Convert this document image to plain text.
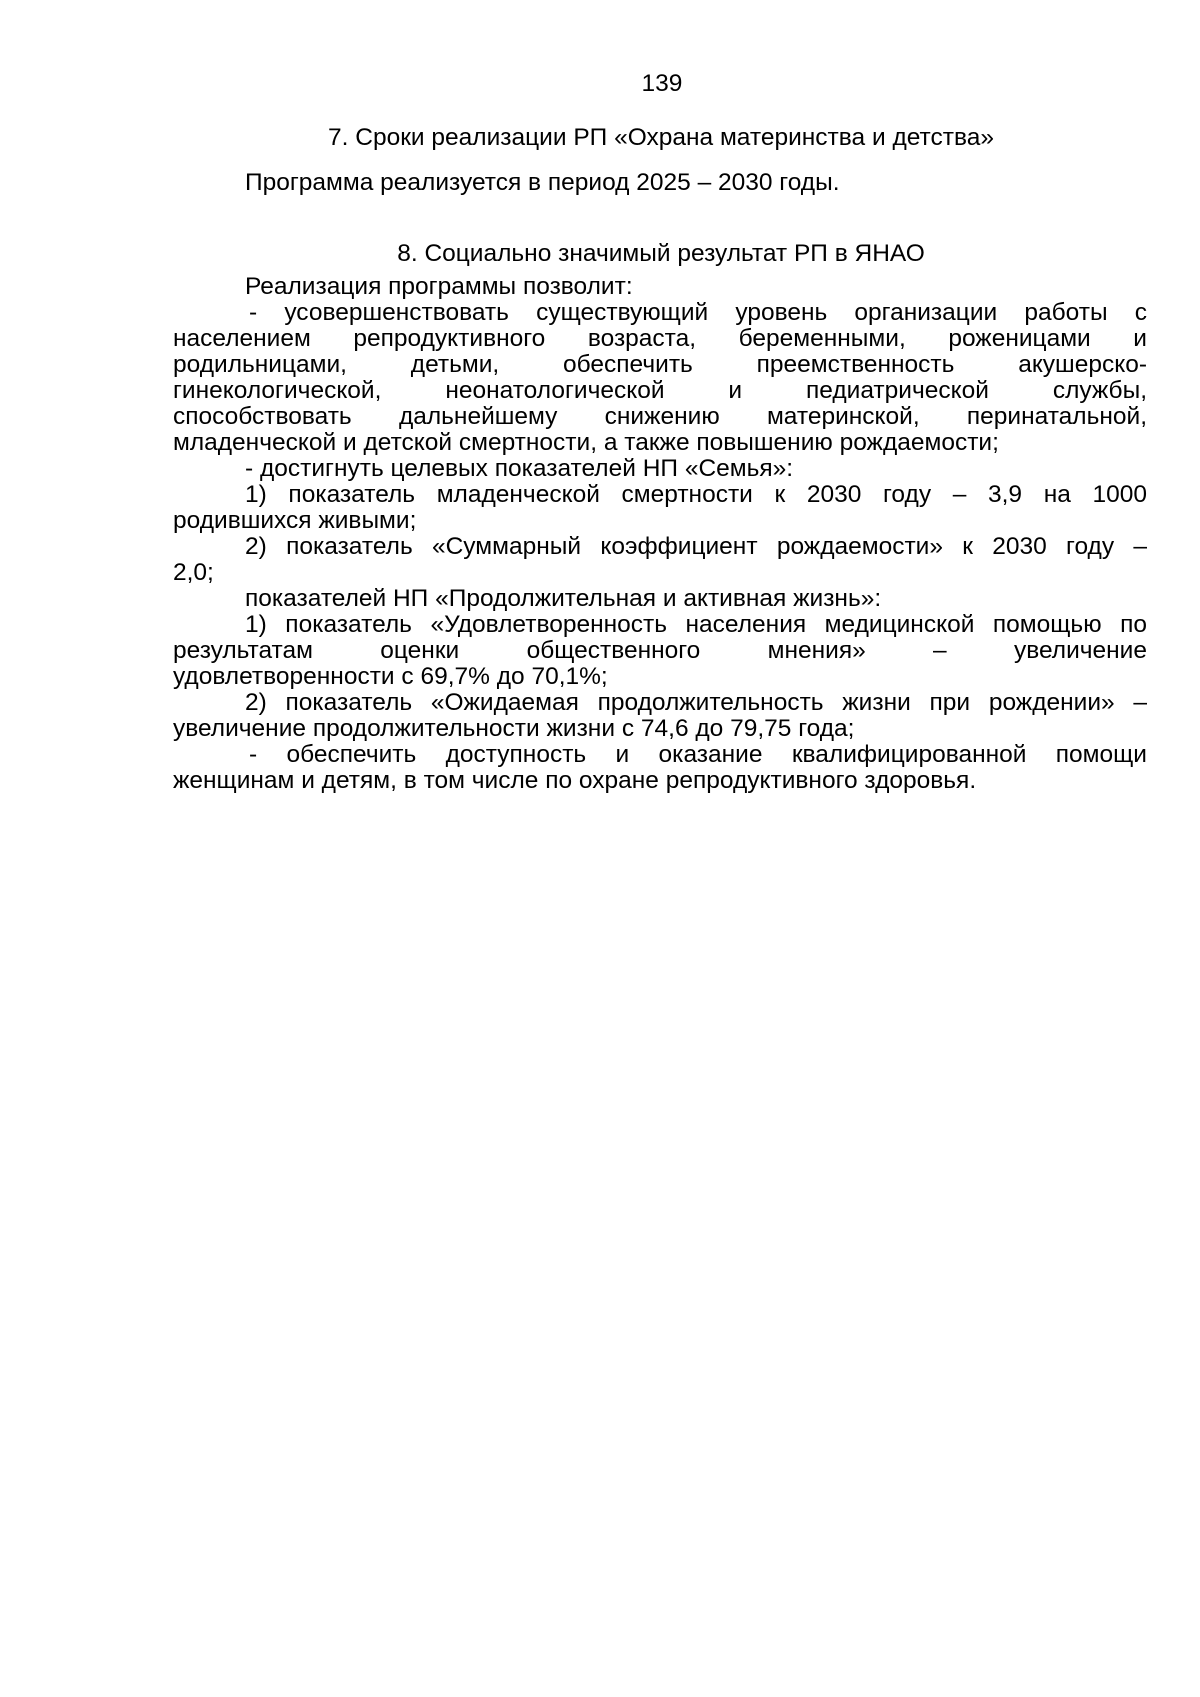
139
7. Сроки реализации РП «Охрана материнства и детства»
Программа реализуется в период 2025 – 2030 годы.
8. Социально значимый результат РП в ЯНАО
Реализация программы позволит:
- усовершенствовать существующий уровень организации работы с
населением репродуктивного возраста, беременными, роженицами и
родильницами, детьми, обеспечить преемственность акушерско-
гинекологической, неонатологической и педиатрической службы,
способствовать дальнейшему снижению материнской, перинатальной,
младенческой и детской смертности, а также повышению рождаемости;
- достигнуть целевых показателей НП «Семья»:
1) показатель младенческой смертности к 2030 году – 3,9 на 1000
родившихся живыми;
2) показатель «Суммарный коэффициент рождаемости» к 2030 году –
2,0;
показателей НП «Продолжительная и активная жизнь»:
1) показатель «Удовлетворенность населения медицинской помощью по
результатам оценки общественного мнения» – увеличение
удовлетворенности с 69,7% до 70,1%;
2) показатель «Ожидаемая продолжительность жизни при рождении» –
увеличение продолжительности жизни с 74,6 до 79,75 года;
- обеспечить доступность и оказание квалифицированной помощи
женщинам и детям, в том числе по охране репродуктивного здоровья.
